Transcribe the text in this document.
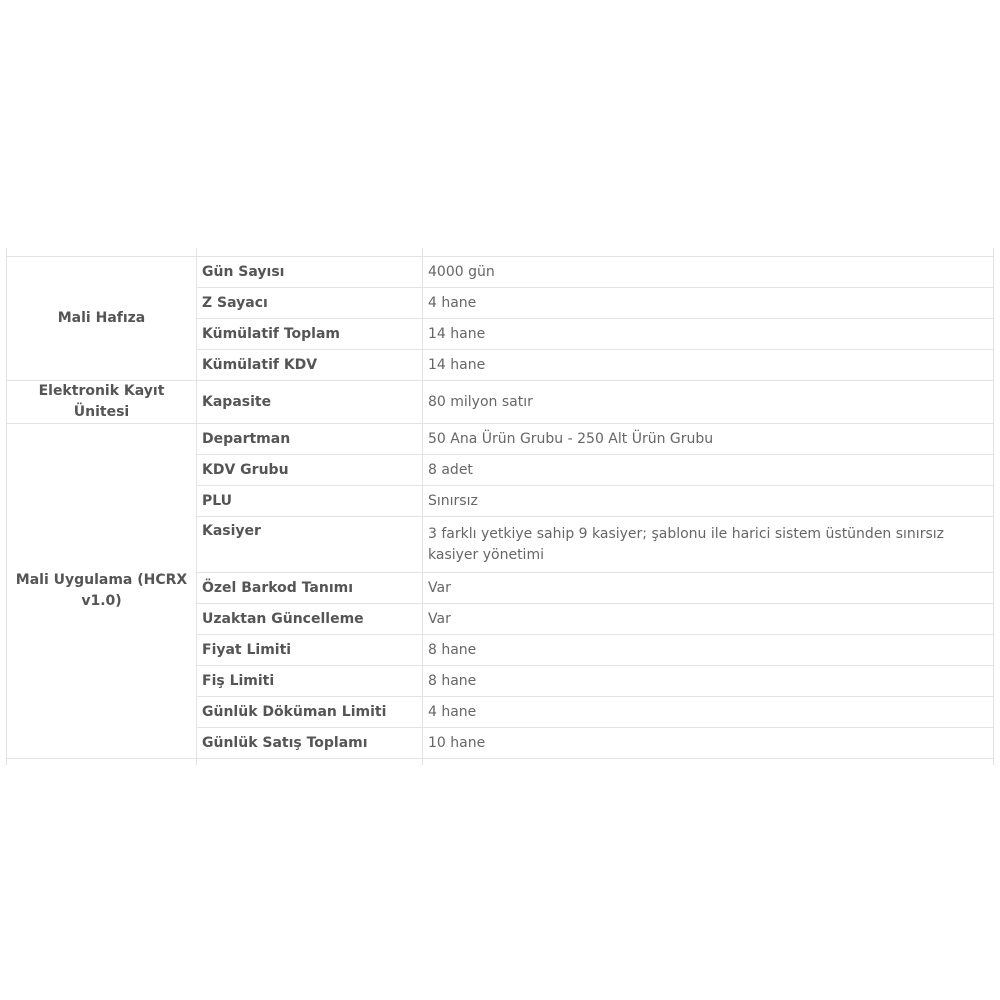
Mali Hafıza	Gün Sayısı	4000 gün
	Z Sayacı	4 hane
	Kümülatif Toplam	14 hane
	Kümülatif KDV	14 hane
Elektronik Kayıt Ünitesi	Kapasite	80 milyon satır
Mali Uygulama (HCRX v1.0)	Departman	50 Ana Ürün Grubu - 250 Alt Ürün Grubu
	KDV Grubu	8 adet
	PLU	Sınırsız
	Kasiyer	3 farklı yetkiye sahip 9 kasiyer; şablonu ile harici sistem üstünden sınırsız kasiyer yönetimi
	Özel Barkod Tanımı	Var
	Uzaktan Güncelleme	Var
	Fiyat Limiti	8 hane
	Fiş Limiti	8 hane
	Günlük Döküman Limiti	4 hane
	Günlük Satış Toplamı	10 hane
